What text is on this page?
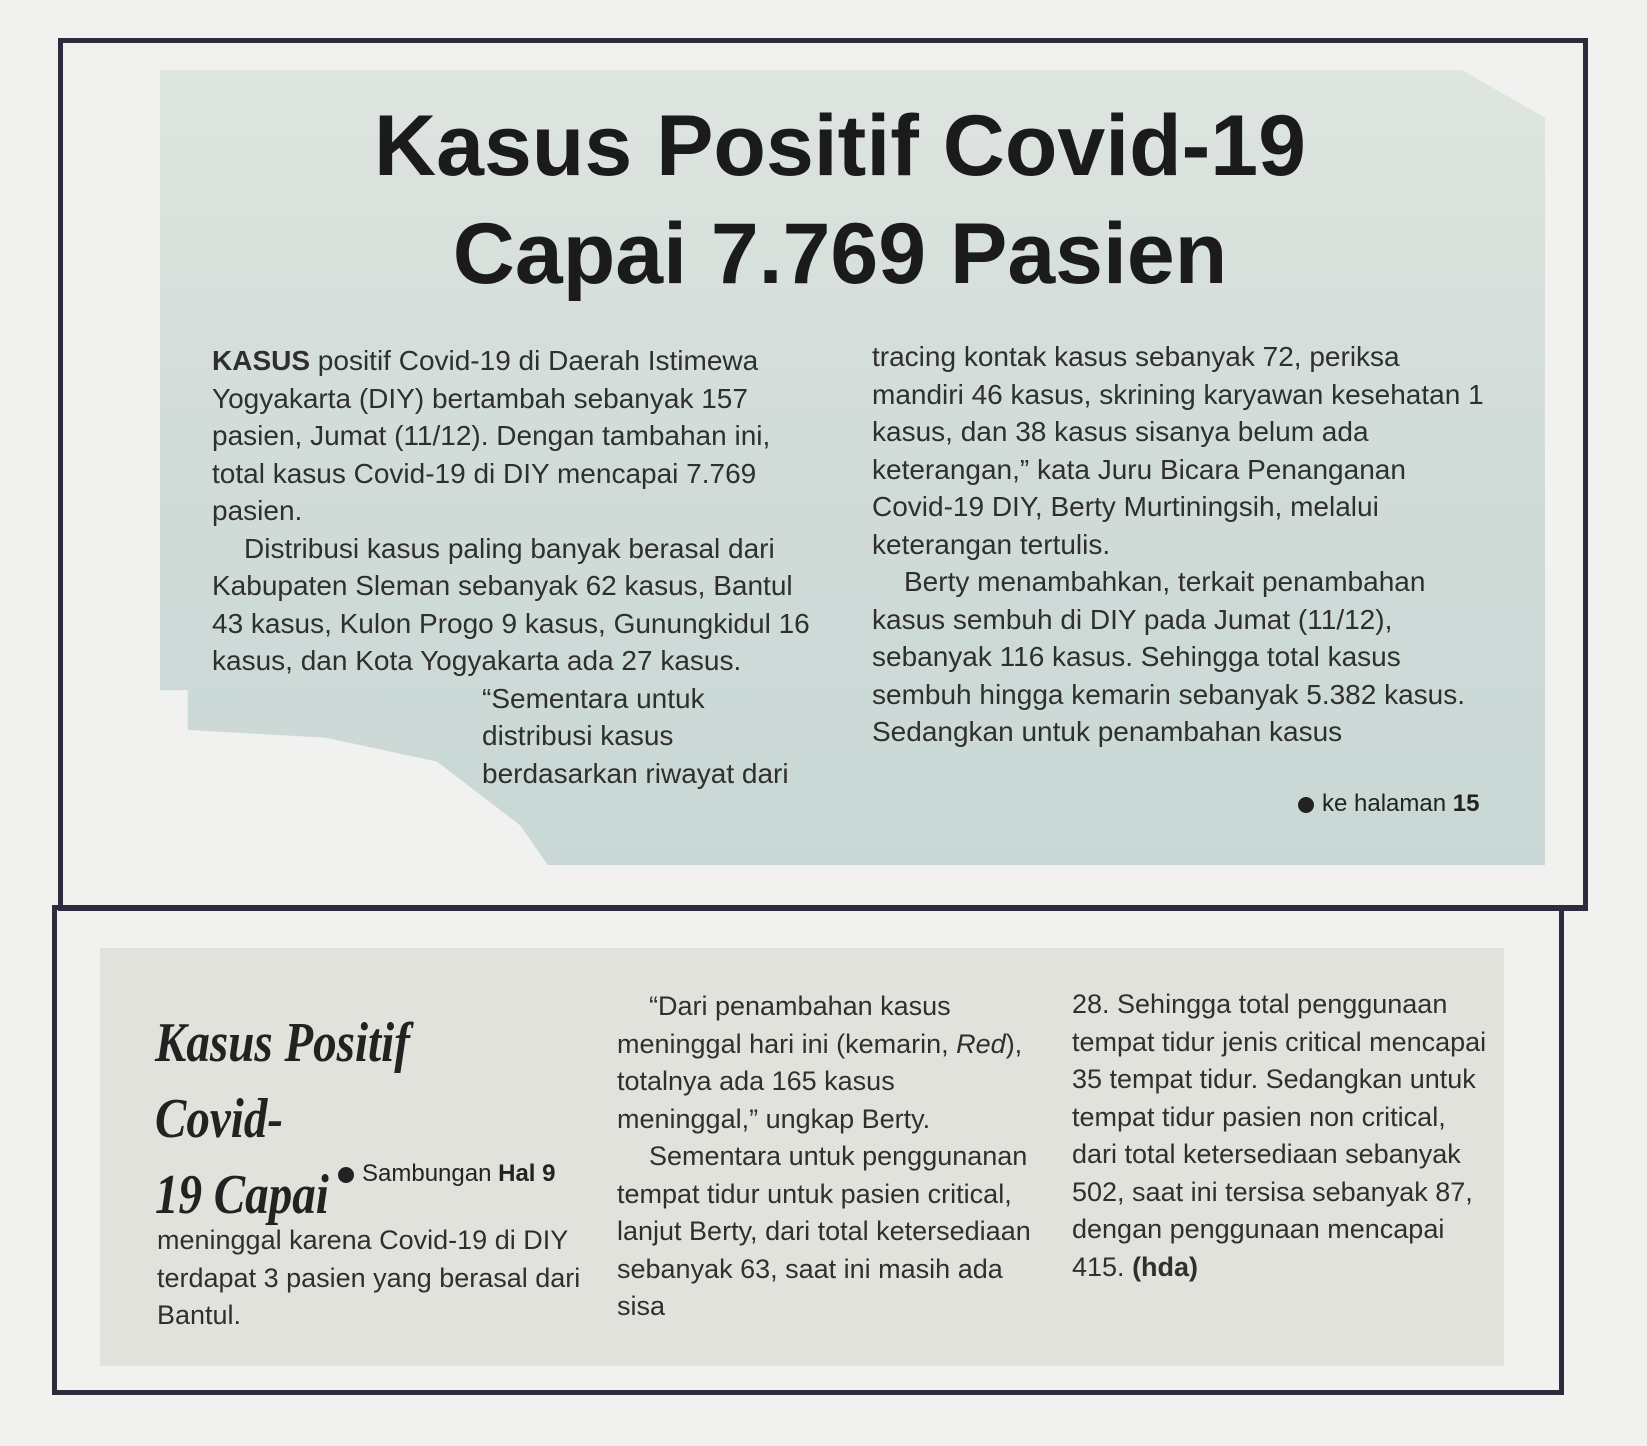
Kasus Positif Covid-19
Capai 7.769 Pasien

KASUS positif Covid-19 di Daerah Istimewa Yogyakarta (DIY) bertambah sebanyak 157 pasien, Jumat (11/12). Dengan tambahan ini, total kasus Covid-19 di DIY mencapai 7.769 pasien.

Distribusi kasus paling banyak berasal dari Kabupaten Sleman sebanyak 62 kasus, Bantul 43 kasus, Kulon Progo 9 kasus, Gunungkidul 16 kasus, dan Kota Yogyakarta ada 27 kasus.

“Sementara untuk distribusi kasus berdasarkan riwayat dari

tracing kontak kasus sebanyak 72, periksa mandiri 46 kasus, skrining karyawan kesehatan 1 kasus, dan 38 kasus sisanya belum ada keterangan,” kata Juru Bicara Penanganan Covid-19 DIY, Berty Murtiningsih, melalui keterangan tertulis.

Berty menambahkan, terkait penambahan kasus sembuh di DIY pada Jumat (11/12), sebanyak 116 kasus. Sehingga total kasus sembuh hingga kemarin sebanyak 5.382 kasus. Sedangkan untuk penambahan kasus

ke halaman 15
Kasus Positif Covid-
19 Capai	Sambungan Hal 9

meninggal karena Covid-19 di DIY terdapat 3 pasien yang berasal dari Bantul.

“Dari penambahan kasus meninggal hari ini (kemarin, Red), totalnya ada 165 kasus meninggal,” ungkap Berty.

Sementara untuk penggunanan tempat tidur untuk pasien critical, lanjut Berty, dari total ketersediaan sebanyak 63, saat ini masih ada sisa

28. Sehingga total penggunaan tempat tidur jenis critical mencapai 35 tempat tidur. Sedangkan untuk tempat tidur pasien non critical, dari total ketersediaan sebanyak 502, saat ini tersisa sebanyak 87, dengan penggunaan mencapai 415. (hda)
